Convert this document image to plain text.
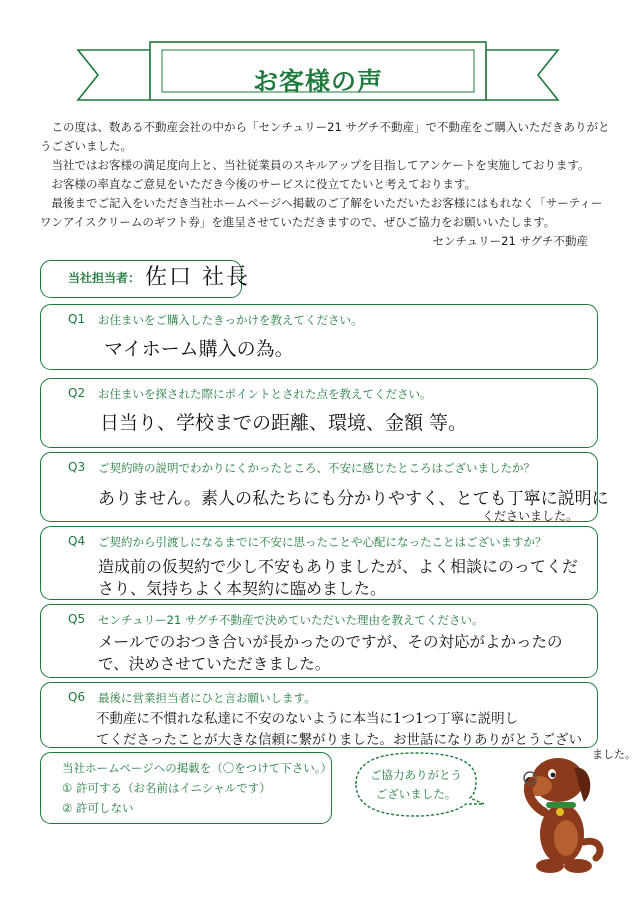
お客様の声

この度は、数ある不動産会社の中から「センチュリー21 サグチ不動産」で不動産をご購入いただきありがとうございました。

当社ではお客様の満足度向上と、当社従業員のスキルアップを目指してアンケートを実施しております。

お客様の率直なご意見をいただき今後のサービスに役立てたいと考えております。

最後までご記入をいただき当社ホームページへ掲載のご了解をいただいたお客様にはもれなく「サーティーワンアイスクリームのギフト券」を進呈させていただきますので、ぜひご協力をお願いいたします。

センチュリー21 サグチ不動産
当社担当者： 佐口 社長
Q1 お住まいをご購入したきっかけを教えてください。
マイホーム購入の為。
Q2 お住まいを探された際にポイントとされた点を教えてください。
日当り、学校までの距離、環境、金額 等。
Q3 ご契約時の説明でわかりにくかったところ、不安に感じたところはございましたか？
ありません。素人の私たちにも分かりやすく、とても丁寧に説明に
くださいました。
Q4 ご契約から引渡しになるまでに不安に思ったことや心配になったことはございますか？
造成前の仮契約で少し不安もありましたが、よく相談にのってくだ
さり、気持ちよく本契約に臨めました。
Q5 センチュリー21 サグチ不動産で決めていただいた理由を教えてください。
メールでのおつき合いが長かったのですが、その対応がよかったの
で、決めさせていただきました。
Q6 最後に営業担当者にひと言お願いします。
不動産に不慣れな私達に不安のないように本当に1つ1つ丁寧に説明し
てくださったことが大きな信頼に繋がりました。お世話になりありがとうござい
ました。
当社ホームページへの掲載を（〇をつけて下さい。）
① 許可する（お名前はイニシャルです）
② 許可しない
ご協力ありがとう
ございました。
